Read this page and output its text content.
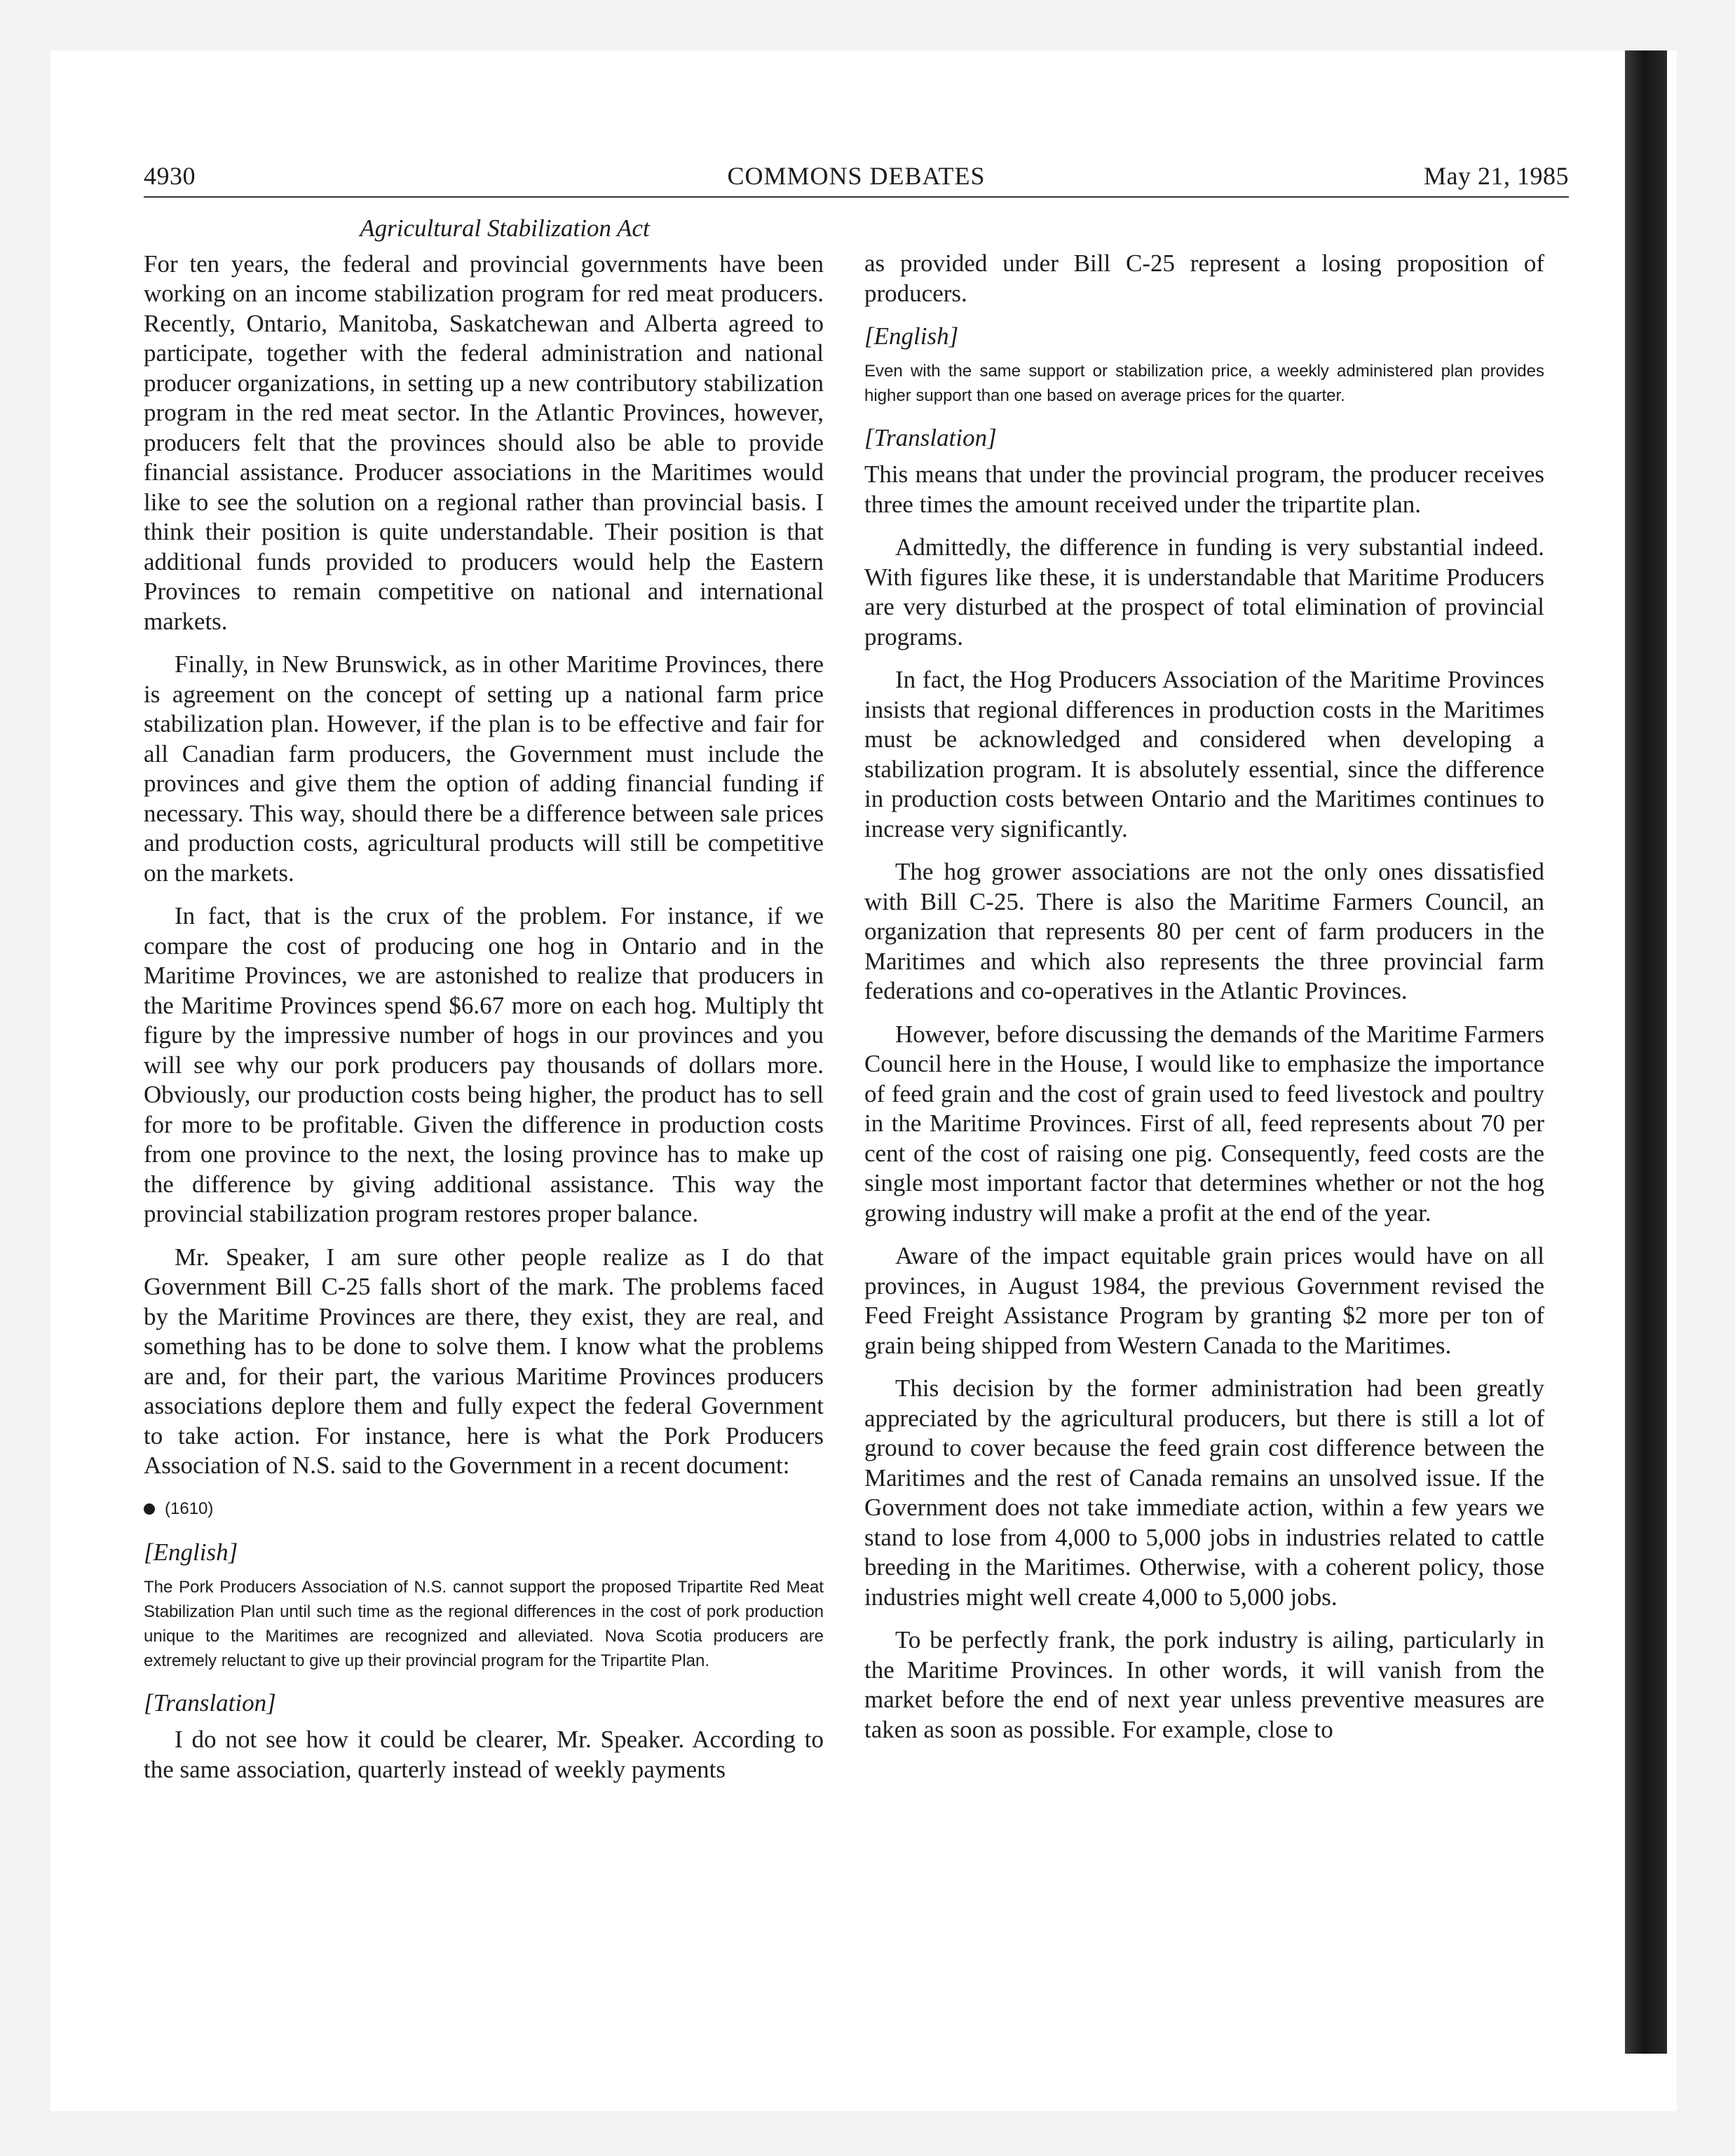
4930	COMMONS DEBATES	May 21, 1985
Agricultural Stabilization Act

For ten years, the federal and provincial governments have been working on an income stabilization program for red meat producers. Recently, Ontario, Manitoba, Saskatchewan and Alberta agreed to participate, together with the federal administration and national producer organizations, in setting up a new contributory stabilization program in the red meat sector. In the Atlantic Provinces, however, producers felt that the provinces should also be able to provide financial assistance. Producer associations in the Maritimes would like to see the solution on a regional rather than provincial basis. I think their position is quite understandable. Their position is that additional funds provided to producers would help the Eastern Provinces to remain competitive on national and international markets.

Finally, in New Brunswick, as in other Maritime Provinces, there is agreement on the concept of setting up a national farm price stabilization plan. However, if the plan is to be effective and fair for all Canadian farm producers, the Government must include the provinces and give them the option of adding financial funding if necessary. This way, should there be a difference between sale prices and production costs, agricultural products will still be competitive on the markets.

In fact, that is the crux of the problem. For instance, if we compare the cost of producing one hog in Ontario and in the Maritime Provinces, we are astonished to realize that producers in the Maritime Provinces spend $6.67 more on each hog. Multiply tht figure by the impressive number of hogs in our provinces and you will see why our pork producers pay thousands of dollars more. Obviously, our production costs being higher, the product has to sell for more to be profitable. Given the difference in production costs from one province to the next, the losing province has to make up the difference by giving additional assistance. This way the provincial stabilization program restores proper balance.

Mr. Speaker, I am sure other people realize as I do that Government Bill C-25 falls short of the mark. The problems faced by the Maritime Provinces are there, they exist, they are real, and something has to be done to solve them. I know what the problems are and, for their part, the various Maritime Provinces producers associations deplore them and fully expect the federal Government to take action. For instance, here is what the Pork Producers Association of N.S. said to the Government in a recent document:

(1610)
[English]
The Pork Producers Association of N.S. cannot support the proposed Tripartite Red Meat Stabilization Plan until such time as the regional differences in the cost of pork production unique to the Maritimes are recognized and alleviated. Nova Scotia producers are extremely reluctant to give up their provincial program for the Tripartite Plan.
[Translation]

I do not see how it could be clearer, Mr. Speaker. According to the same association, quarterly instead of weekly payments

as provided under Bill C-25 represent a losing proposition of producers.

[English]
Even with the same support or stabilization price, a weekly administered plan provides higher support than one based on average prices for the quarter.
[Translation]

This means that under the provincial program, the producer receives three times the amount received under the tripartite plan.

Admittedly, the difference in funding is very substantial indeed. With figures like these, it is understandable that Maritime Producers are very disturbed at the prospect of total elimination of provincial programs.

In fact, the Hog Producers Association of the Maritime Provinces insists that regional differences in production costs in the Maritimes must be acknowledged and considered when developing a stabilization program. It is absolutely essential, since the difference in production costs between Ontario and the Maritimes continues to increase very significantly.

The hog grower associations are not the only ones dissatisfied with Bill C-25. There is also the Maritime Farmers Council, an organization that represents 80 per cent of farm producers in the Maritimes and which also represents the three provincial farm federations and co-operatives in the Atlantic Provinces.

However, before discussing the demands of the Maritime Farmers Council here in the House, I would like to emphasize the importance of feed grain and the cost of grain used to feed livestock and poultry in the Maritime Provinces. First of all, feed represents about 70 per cent of the cost of raising one pig. Consequently, feed costs are the single most important factor that determines whether or not the hog growing industry will make a profit at the end of the year.

Aware of the impact equitable grain prices would have on all provinces, in August 1984, the previous Government revised the Feed Freight Assistance Program by granting $2 more per ton of grain being shipped from Western Canada to the Maritimes.

This decision by the former administration had been greatly appreciated by the agricultural producers, but there is still a lot of ground to cover because the feed grain cost difference between the Maritimes and the rest of Canada remains an unsolved issue. If the Government does not take immediate action, within a few years we stand to lose from 4,000 to 5,000 jobs in industries related to cattle breeding in the Maritimes. Otherwise, with a coherent policy, those industries might well create 4,000 to 5,000 jobs.

To be perfectly frank, the pork industry is ailing, particularly in the Maritime Provinces. In other words, it will vanish from the market before the end of next year unless preventive measures are taken as soon as possible. For example, close to
